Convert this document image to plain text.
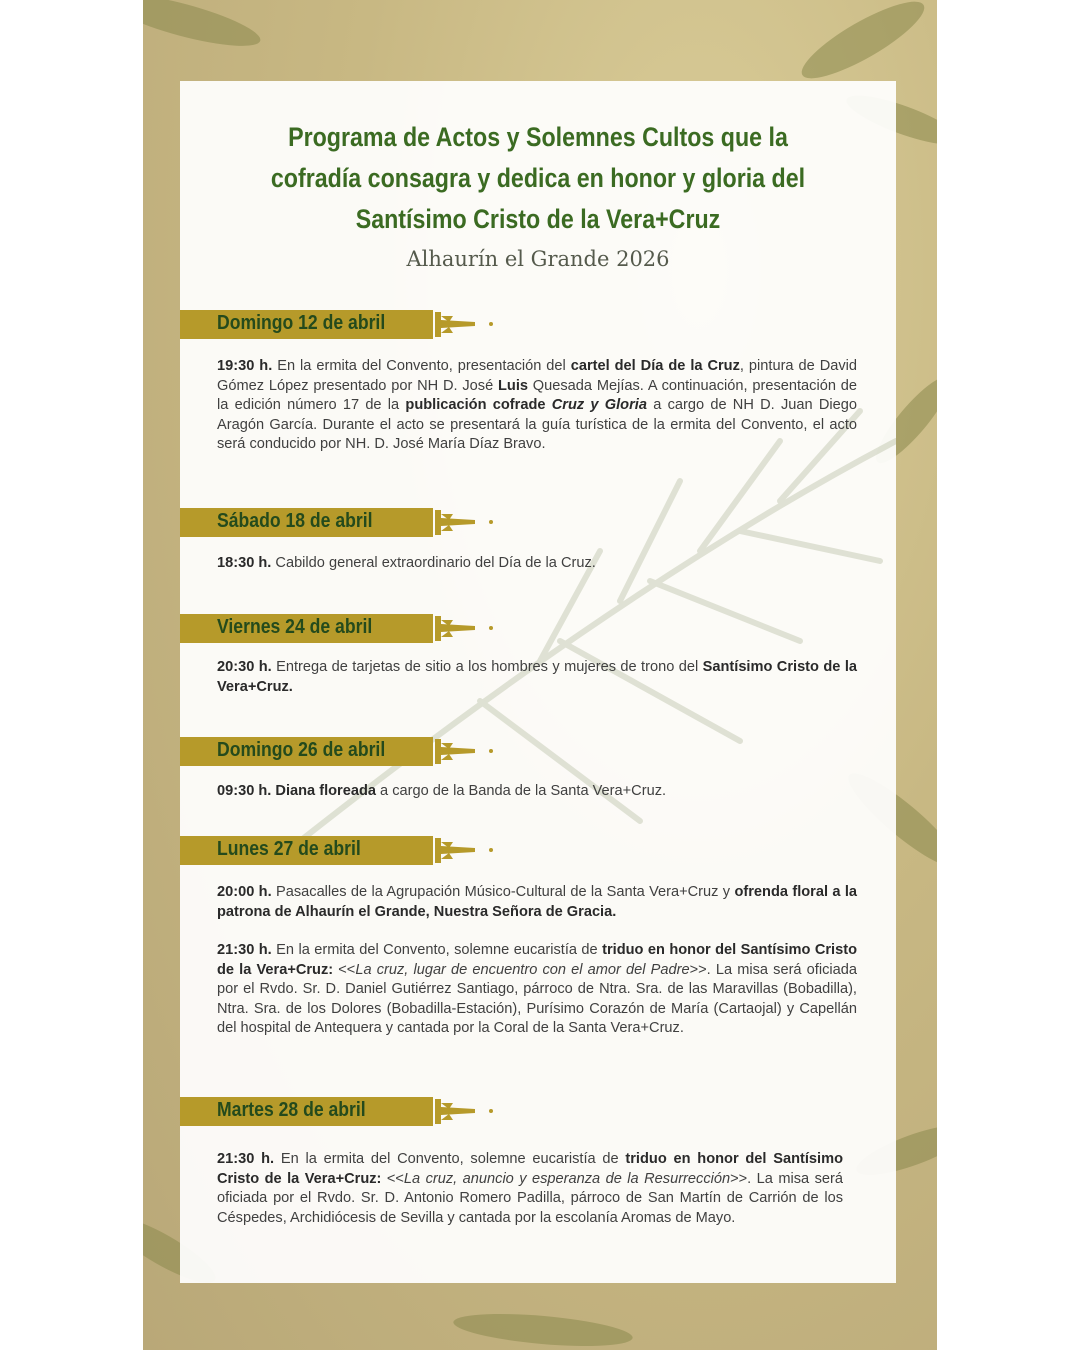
Programa de Actos y Solemnes Cultos que la cofradía consagra y dedica en honor y gloria del Santísimo Cristo de la Vera+Cruz
Alhaurín el Grande 2026
Domingo 12 de abril

19:30 h. En la ermita del Convento, presentación del cartel del Día de la Cruz, pintura de David Gómez López presentado por NH D. José Luis Quesada Mejías. A continuación, presentación de la edición número 17 de la publicación cofrade Cruz y Gloria a cargo de NH D. Juan Diego Aragón García. Durante el acto se presentará la guía turística de la ermita del Convento, el acto será conducido por NH. D. José María Díaz Bravo.

Sábado 18 de abril

18:30 h. Cabildo general extraordinario del Día de la Cruz.

Viernes 24 de abril

20:30 h. Entrega de tarjetas de sitio a los hombres y mujeres de trono del Santísimo Cristo de la Vera+Cruz.

Domingo 26 de abril

09:30 h. Diana floreada a cargo de la Banda de la Santa Vera+Cruz.

Lunes 27 de abril

20:00 h. Pasacalles de la Agrupación Músico-Cultural de la Santa Vera+Cruz y ofrenda floral a la patrona de Alhaurín el Grande, Nuestra Señora de Gracia.

21:30 h. En la ermita del Convento, solemne eucaristía de triduo en honor del Santísimo Cristo de la Vera+Cruz: <<La cruz, lugar de encuentro con el amor del Padre>>. La misa será oficiada por el Rvdo. Sr. D. Daniel Gutiérrez Santiago, párroco de Ntra. Sra. de las Maravillas (Bobadilla), Ntra. Sra. de los Dolores (Bobadilla-Estación), Purísimo Corazón de María (Cartaojal) y Capellán del hospital de Antequera y cantada por la Coral de la Santa Vera+Cruz.

Martes 28 de abril

21:30 h. En la ermita del Convento, solemne eucaristía de triduo en honor del Santísimo Cristo de la Vera+Cruz: <<La cruz, anuncio y esperanza de la Resurrección>>. La misa será oficiada por el Rvdo. Sr. D. Antonio Romero Padilla, párroco de San Martín de Carrión de los Céspedes, Archidiócesis de Sevilla y cantada por la escolanía Aromas de Mayo.
